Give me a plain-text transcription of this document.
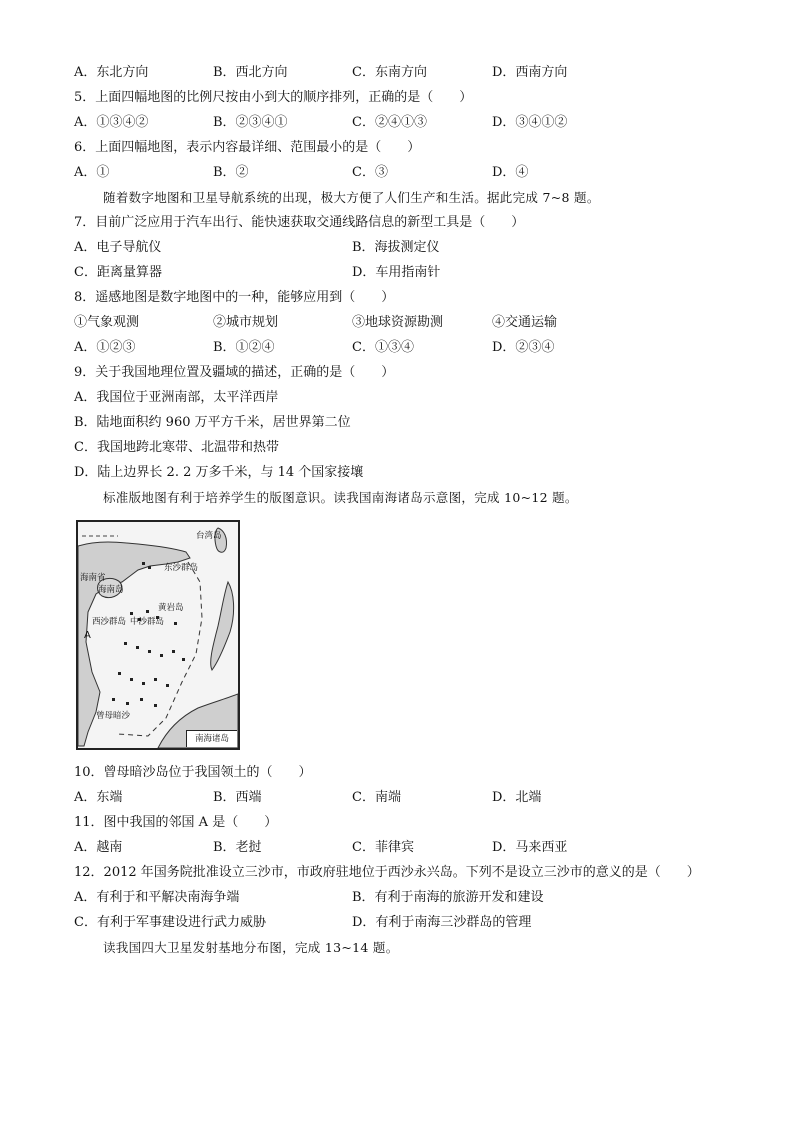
A．东北方向	B．西北方向	C．东南方向	D．西南方向
5．上面四幅地图的比例尺按由小到大的顺序排列，正确的是（　　）
A．①③④②	B．②③④①	C．②④①③	D．③④①②
6．上面四幅地图，表示内容最详细、范围最小的是（　　）
A．①	B．②	C．③	D．④
随着数字地图和卫星导航系统的出现，极大方便了人们生产和生活。据此完成 7~8 题。
7．目前广泛应用于汽车出行、能快速获取交通线路信息的新型工具是（　　）
A．电子导航仪	B．海拔测定仪
C．距离量算器	D．车用指南针
8．遥感地图是数字地图中的一种，能够应用到（　　）
①气象观测	②城市规划	③地球资源勘测	④交通运输
A．①②③	B．①②④	C．①③④	D．②③④
9．关于我国地理位置及疆域的描述，正确的是（　　）
A．我国位于亚洲南部，太平洋西岸
B．陆地面积约 960 万平方千米，居世界第二位
C．我国地跨北寒带、北温带和热带
D．陆上边界长 2. 2 万多千米，与 14 个国家接壤
标准版地图有利于培养学生的版图意识。读我国南海诸岛示意图，完成 10~12 题。
台湾岛
东沙群岛
海南省
海南岛
黄岩岛
西沙群岛 中沙群岛
A
曾母暗沙
南海诸岛
10．曾母暗沙岛位于我国领土的（　　）
A．东端	B．西端	C．南端	D．北端
11．图中我国的邻国 A 是（　　）
A．越南	B．老挝	C．菲律宾	D．马来西亚
12．2012 年国务院批准设立三沙市，市政府驻地位于西沙永兴岛。下列不是设立三沙市的意义的是（　　）
A．有利于和平解决南海争端	B．有利于南海的旅游开发和建设
C．有利于军事建设进行武力威胁	D．有利于南海三沙群岛的管理
读我国四大卫星发射基地分布图，完成 13~14 题。
